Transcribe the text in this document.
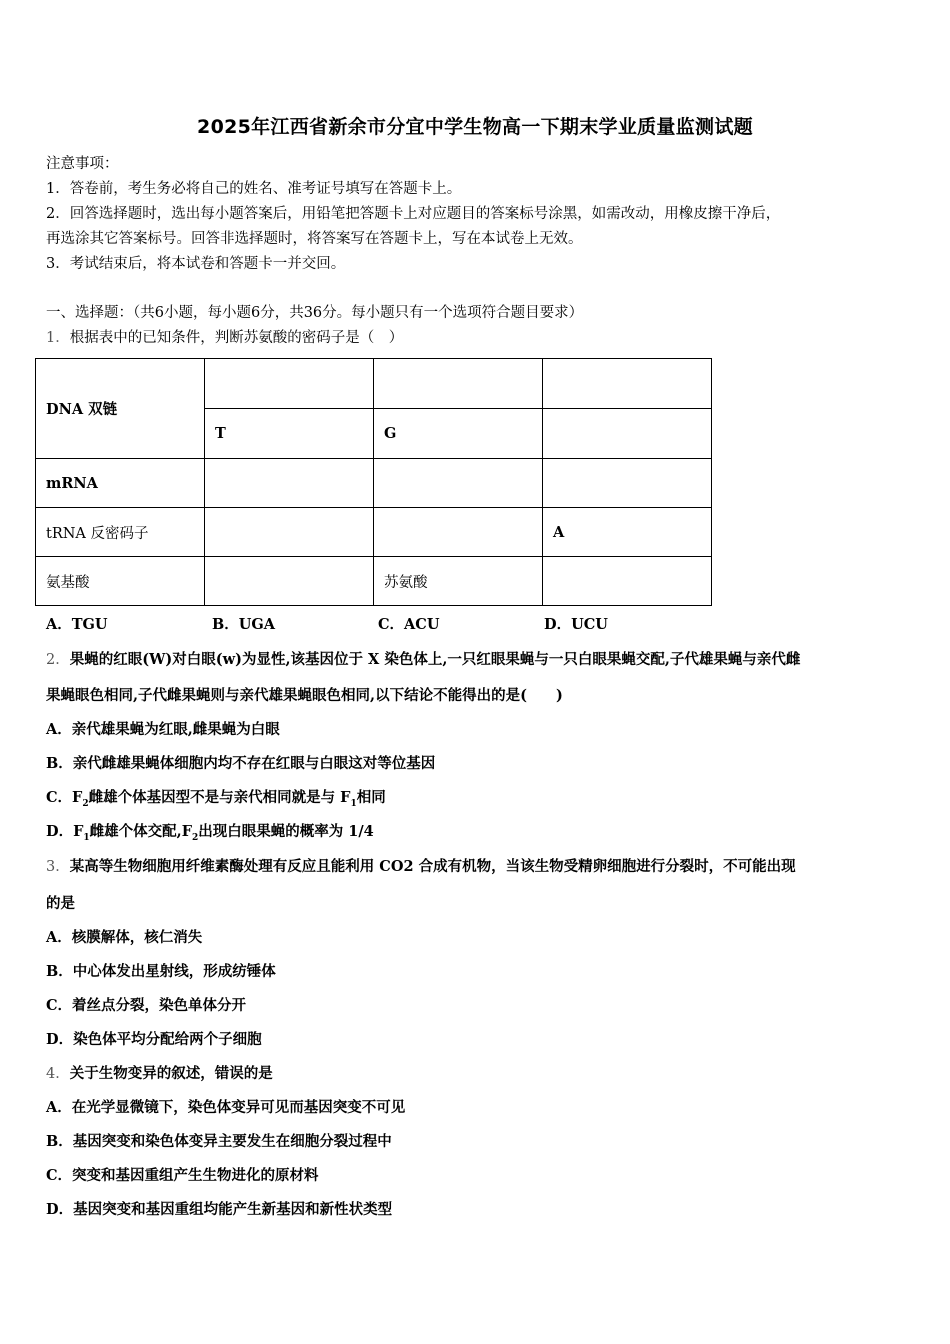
2025年江西省新余市分宜中学生物高一下期末学业质量监测试题
注意事项：
1．答卷前，考生务必将自己的姓名、准考证号填写在答题卡上。
2．回答选择题时，选出每小题答案后，用铅笔把答题卡上对应题目的答案标号涂黑，如需改动，用橡皮擦干净后，
再选涂其它答案标号。回答非选择题时，将答案写在答题卡上，写在本试卷上无效。
3．考试结束后，将本试卷和答题卡一并交回。
一、选择题：（共6小题，每小题6分，共36分。每小题只有一个选项符合题目要求）
1．根据表中的已知条件，判断苏氨酸的密码子是（　）
DNA 双链			
	T	G	
mRNA			
tRNA 反密码子			A
氨基酸		苏氨酸	
A．TGU	B．UGA	C．ACU	D．UCU
2．果蝇的红眼(W)对白眼(w)为显性,该基因位于 X 染色体上,一只红眼果蝇与一只白眼果蝇交配,子代雄果蝇与亲代雌
果蝇眼色相同,子代雌果蝇则与亲代雄果蝇眼色相同,以下结论不能得出的是(　　)
A．亲代雄果蝇为红眼,雌果蝇为白眼
B．亲代雌雄果蝇体细胞内均不存在红眼与白眼这对等位基因
C．$F_2$雌雄个体基因型不是与亲代相同就是与 $F_1$相同
D．$F_1$雌雄个体交配$,F_2$出现白眼果蝇的概率为 1/4
3．某高等生物细胞用纤维素酶处理有反应且能利用 CO2 合成有机物，当该生物受精卵细胞进行分裂时，不可能出现
的是
A．核膜解体，核仁消失
B．中心体发出星射线，形成纺锤体
C．着丝点分裂，染色单体分开
D．染色体平均分配给两个子细胞
4．关于生物变异的叙述，错误的是
A．在光学显微镜下，染色体变异可见而基因突变不可见
B．基因突变和染色体变异主要发生在细胞分裂过程中
C．突变和基因重组产生生物进化的原材料
D．基因突变和基因重组均能产生新基因和新性状类型
